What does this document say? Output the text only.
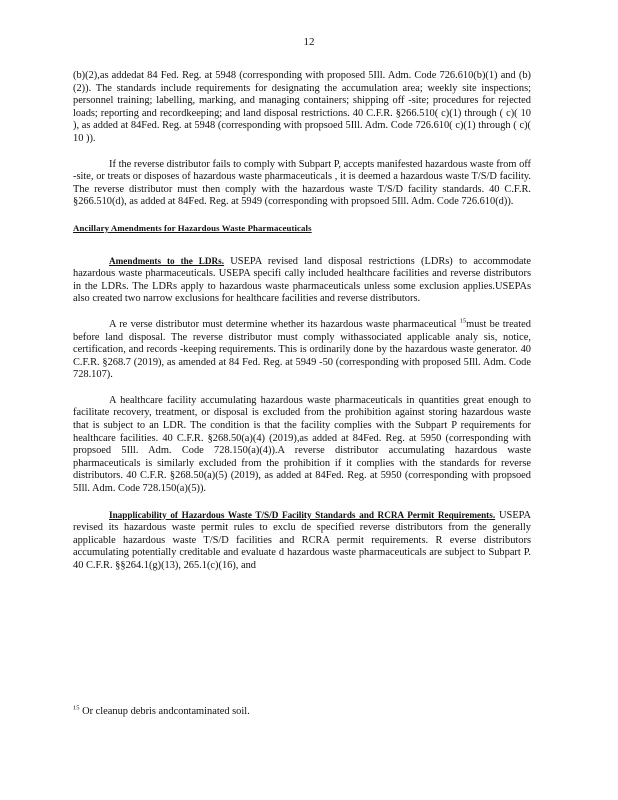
12

(b)(2),as addedat 84 Fed. Reg. at 5948 (corresponding with proposed 5Ill. Adm. Code 726.610(b)(1) and (b)(2)). The standards include requirements for designating the accumulation area; weekly site inspections; personnel training; labelling, marking, and managing containers; shipping off -site; procedures for rejected loads; reporting and recordkeeping; and land disposal restrictions. 40 C.F.R. §266.510( c)(1) through ( c)( 10 ), as added at 84Fed. Reg. at 5948 (corresponding with propsoed 5Ill. Adm. Code 726.610( c)(1) through ( c)( 10 )).

If the reverse distributor fails to comply with Subpart P, accepts manifested hazardous waste from off -site, or treats or disposes of hazardous waste pharmaceuticals , it is deemed a hazardous waste T/S/D facility. The reverse distributor must then comply with the hazardous waste T/S/D facility standards. 40 C.F.R. §266.510(d), as added at 84Fed. Reg. at 5949 (corresponding with propsoed 5Ill. Adm. Code 726.610(d)).

Ancillary Amendments for Hazardous Waste Pharmaceuticals

Amendments to the LDRs. USEPA revised land disposal restrictions (LDRs) to accommodate hazardous waste pharmaceuticals. USEPA specifi cally included healthcare facilities and reverse distributors in the LDRs. The LDRs apply to hazardous waste pharmaceuticals unless some exclusion applies.USEPAs also created two narrow exclusions for healthcare facilities and reverse distributors.

A re verse distributor must determine whether its hazardous waste pharmaceutical $^{15}$must be treated before land disposal. The reverse distributor must comply withassociated applicable analy sis, notice, certification, and records -keeping requirements. This is ordinarily done by the hazardous waste generator. 40 C.F.R. §268.7 (2019), as amended at 84 Fed. Reg. at 5949 -50 (corresponding with proposed 5Ill. Adm. Code 728.107).

A healthcare facility accumulating hazardous waste pharmaceuticals in quantities great enough to facilitate recovery, treatment, or disposal is excluded from the prohibition against storing hazardous waste that is subject to an LDR. The condition is that the facility complies with the Subpart P requirements for healthcare facilities. 40 C.F.R. §268.50(a)(4) (2019),as added at 84Fed. Reg. at 5950 (corresponding with propsoed 5Ill. Adm. Code 728.150(a)(4)).A reverse distributor accumulating hazardous waste pharmaceuticals is similarly excluded from the prohibition if it complies with the standards for reverse distributors. 40 C.F.R. §268.50(a)(5) (2019), as added at 84Fed. Reg. at 5950 (corresponding with propsoed 5Ill. Adm. Code 728.150(a)(5)).

Inapplicability of Hazardous Waste T/S/D Facility Standards and RCRA Permit Requirements. USEPA revised its hazardous waste permit rules to exclu de specified reverse distributors from the generally applicable hazardous waste T/S/D facilities and RCRA permit requirements. R everse distributors accumulating potentially creditable and evaluate d hazardous waste pharmaceuticals are subject to Subpart P. 40 C.F.R. §§264.1(g)(13), 265.1(c)(16), and

$^{15}$ Or cleanup debris andcontaminated soil.
